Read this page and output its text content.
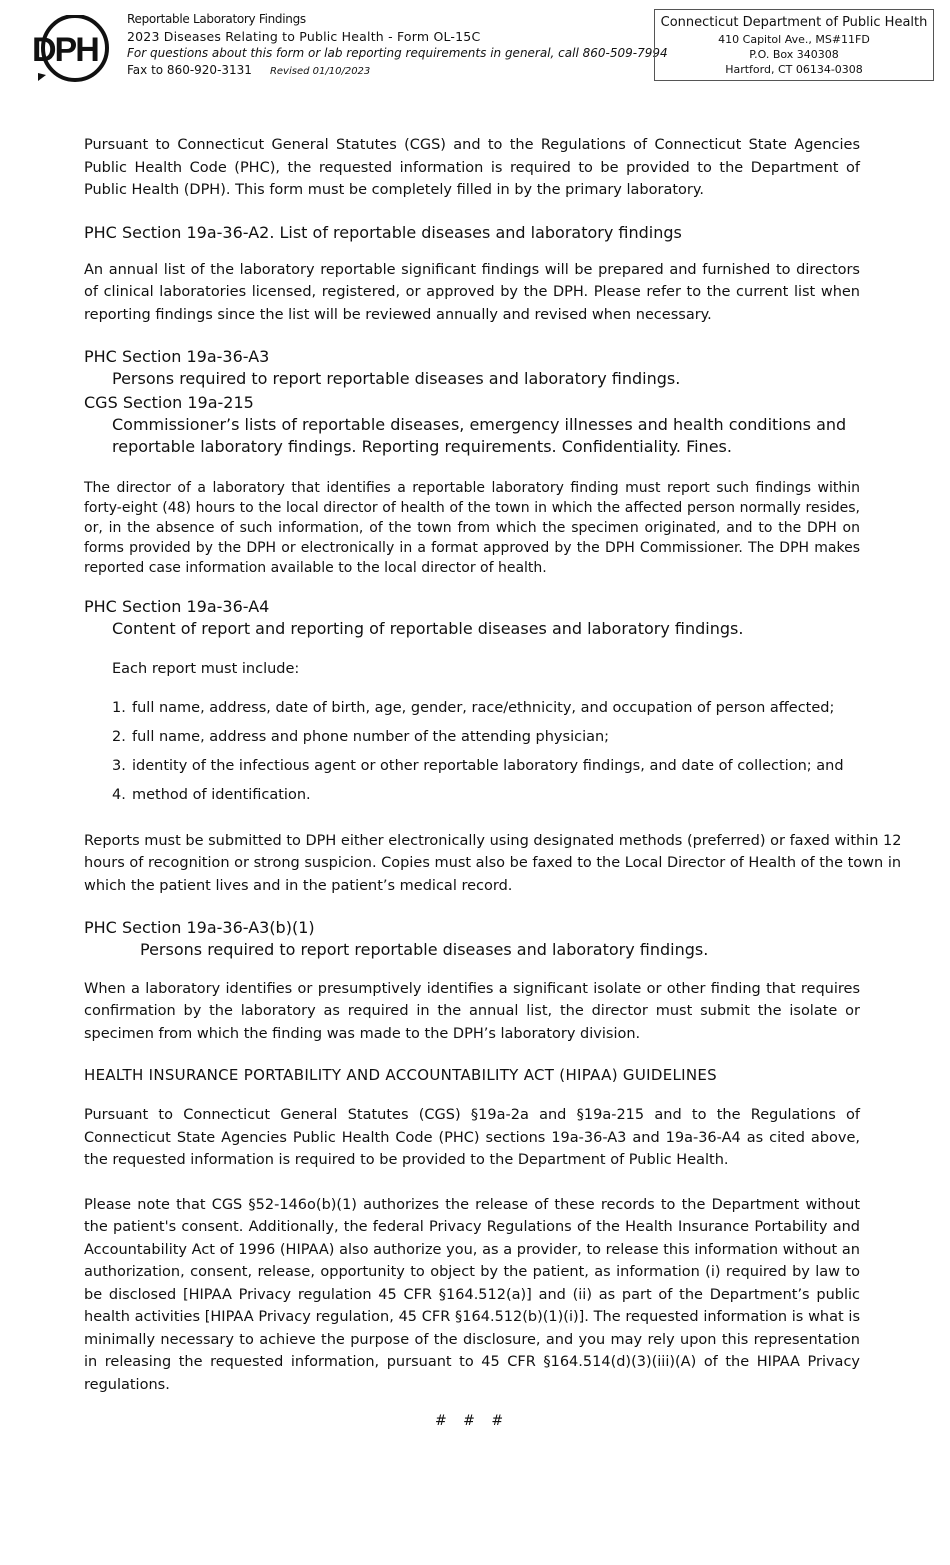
DPH
Reportable Laboratory Findings
2023 Diseases Relating to Public Health - Form OL-15C
For questions about this form or lab reporting requirements in general, call 860-509-7994
Fax to 860-920-3131 Revised 01/10/2023
Connecticut Department of Public Health
410 Capitol Ave., MS#11FD
P.O. Box 340308
Hartford, CT 06134-0308

Pursuant to Connecticut General Statutes (CGS) and to the Regulations of Connecticut State Agencies Public Health Code (PHC), the requested information is required to be provided to the Department of Public Health (DPH). This form must be completely filled in by the primary laboratory.

PHC Section 19a-36-A2. List of reportable diseases and laboratory findings

An annual list of the laboratory reportable significant findings will be prepared and furnished to directors of clinical laboratories licensed, registered, or approved by the DPH. Please refer to the current list when reporting findings since the list will be reviewed annually and revised when necessary.

PHC Section 19a-36-A3

Persons required to report reportable diseases and laboratory findings.

CGS Section 19a-215

Commissioner’s lists of reportable diseases, emergency illnesses and health conditions and reportable laboratory findings. Reporting requirements. Confidentiality. Fines.

The director of a laboratory that identifies a reportable laboratory finding must report such findings within forty-eight (48) hours to the local director of health of the town in which the affected person normally resides, or, in the absence of such information, of the town from which the specimen originated, and to the DPH on forms provided by the DPH or electronically in a format approved by the DPH Commissioner. The DPH makes reported case information available to the local director of health.

PHC Section 19a-36-A4

Content of report and reporting of reportable diseases and laboratory findings.

Each report must include:

1. full name, address, date of birth, age, gender, race/ethnicity, and occupation of person affected;
2. full name, address and phone number of the attending physician;
3. identity of the infectious agent or other reportable laboratory findings, and date of collection; and
4. method of identification.

Reports must be submitted to DPH either electronically using designated methods (preferred) or faxed within 12 hours of recognition or strong suspicion. Copies must also be faxed to the Local Director of Health of the town in which the patient lives and in the patient’s medical record.

PHC Section 19a-36-A3(b)(1)

Persons required to report reportable diseases and laboratory findings.

When a laboratory identifies or presumptively identifies a significant isolate or other finding that requires confirmation by the laboratory as required in the annual list, the director must submit the isolate or specimen from which the finding was made to the DPH’s laboratory division.

HEALTH INSURANCE PORTABILITY AND ACCOUNTABILITY ACT (HIPAA) GUIDELINES

Pursuant to Connecticut General Statutes (CGS) §19a-2a and §19a-215 and to the Regulations of Connecticut State Agencies Public Health Code (PHC) sections 19a-36-A3 and 19a-36-A4 as cited above, the requested information is required to be provided to the Department of Public Health.

Please note that CGS §52-146o(b)(1) authorizes the release of these records to the Department without the patient's consent. Additionally, the federal Privacy Regulations of the Health Insurance Portability and Accountability Act of 1996 (HIPAA) also authorize you, as a provider, to release this information without an authorization, consent, release, opportunity to object by the patient, as information (i) required by law to be disclosed [HIPAA Privacy regulation 45 CFR §164.512(a)] and (ii) as part of the Department’s public health activities [HIPAA Privacy regulation, 45 CFR §164.512(b)(1)(i)]. The requested information is what is minimally necessary to achieve the purpose of the disclosure, and you may rely upon this representation in releasing the requested information, pursuant to 45 CFR §164.514(d)(3)(iii)(A) of the HIPAA Privacy regulations.

# # #
